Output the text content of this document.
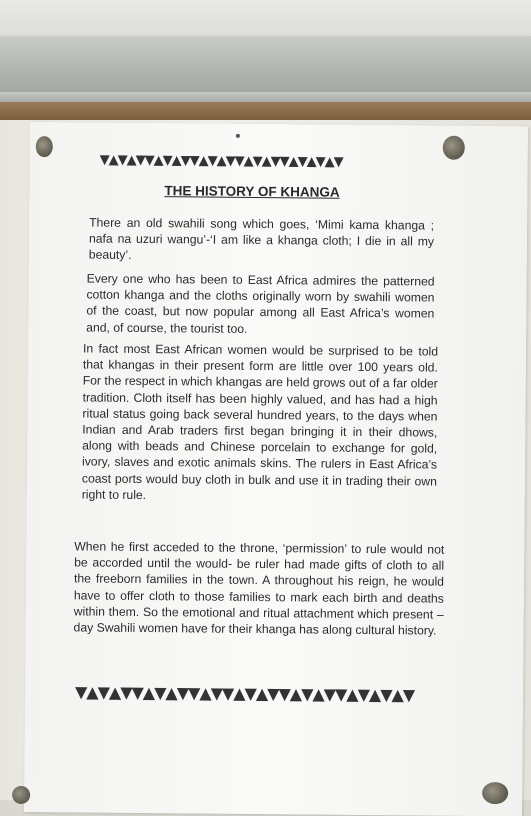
▼▲▼▲▼▼▲▼▲▼▼▲▼▲▼▼▲▼▲▼▼▲▼▲▼▲▼
THE HISTORY OF KHANGA
There an old swahili song which goes, ‘Mimi kama khanga ; nafa na uzuri wangu’-‘I am like a khanga cloth; I die in all my beauty’.
Every one who has been to East Africa admires the patterned cotton khanga and the cloths originally worn by swahili women of the coast, but now popular among all East Africa’s women and, of course, the tourist too.
In fact most East African women would be surprised to be told that khangas in their present form are little over 100 years old. For the respect in which khangas are held grows out of a far older tradition. Cloth itself has been highly valued, and has had a high ritual status going back several hundred years, to the days when Indian and Arab traders first began bringing it in their dhows, along with beads and Chinese porcelain to exchange for gold, ivory, slaves and exotic animals skins. The rulers in East Africa’s coast ports would buy cloth in bulk and use it in trading their own right to rule.
When he first acceded to the throne, ‘permission’ to rule would not be accorded until the would- be ruler had made gifts of cloth to all the freeborn families in the town. A throughout his reign, he would have to offer cloth to those families to mark each birth and deaths within them. So the emotional and ritual attachment which present –day Swahili women have for their khanga has along cultural history.
▼▲▼▲▼▼▲▼▲▼▼▲▼▼▲▼▲▼▼▲▼▲▼▼▲▼▲▼▲▼
